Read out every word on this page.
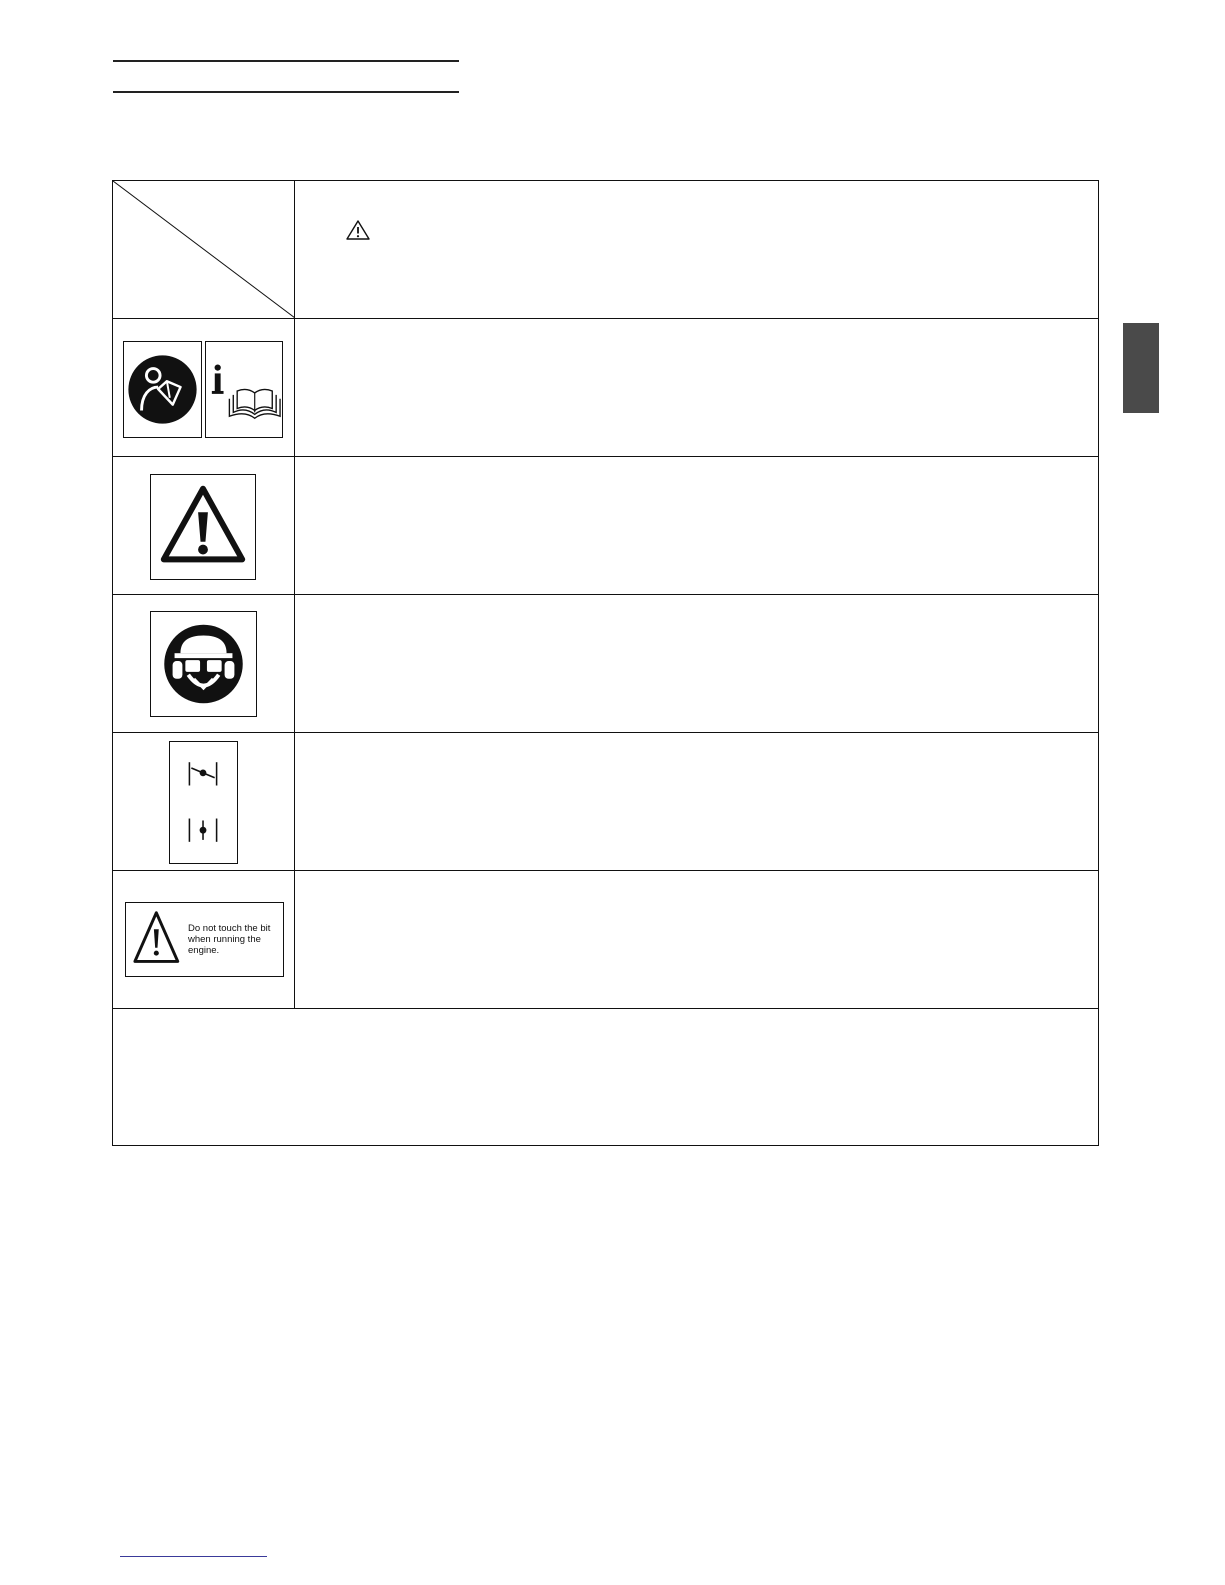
Do not touch the bit when running the engine.
